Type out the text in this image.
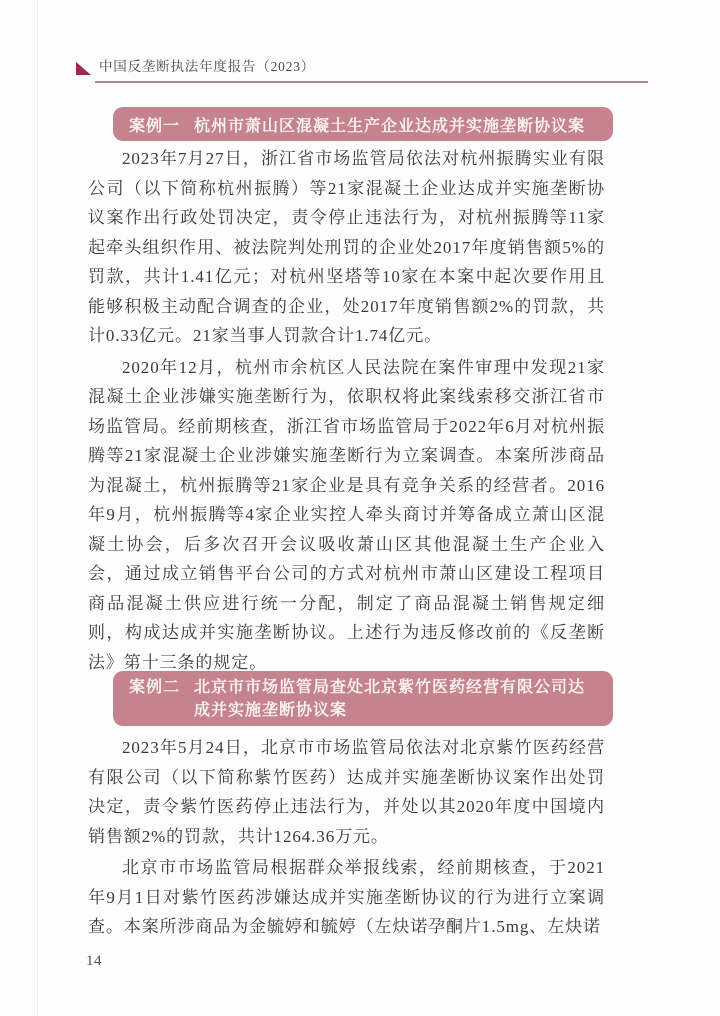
中国反垄断执法年度报告（2023）
案例一 杭州市萧山区混凝土生产企业达成并实施垄断协议案

2023年7月27日，浙江省市场监管局依法对杭州振腾实业有限公司（以下简称杭州振腾）等21家混凝土企业达成并实施垄断协议案作出行政处罚决定，责令停止违法行为，对杭州振腾等11家起牵头组织作用、被法院判处刑罚的企业处2017年度销售额5%的罚款，共计1.41亿元；对杭州坚塔等10家在本案中起次要作用且能够积极主动配合调查的企业，处2017年度销售额2%的罚款，共计0.33亿元。21家当事人罚款合计1.74亿元。

2020年12月，杭州市余杭区人民法院在案件审理中发现21家混凝土企业涉嫌实施垄断行为，依职权将此案线索移交浙江省市场监管局。经前期核查，浙江省市场监管局于2022年6月对杭州振腾等21家混凝土企业涉嫌实施垄断行为立案调查。本案所涉商品为混凝土，杭州振腾等21家企业是具有竞争关系的经营者。2016年9月，杭州振腾等4家企业实控人牵头商讨并筹备成立萧山区混凝土协会，后多次召开会议吸收萧山区其他混凝土生产企业入会，通过成立销售平台公司的方式对杭州市萧山区建设工程项目商品混凝土供应进行统一分配，制定了商品混凝土销售规定细则，构成达成并实施垄断协议。上述行为违反修改前的《反垄断法》第十三条的规定。

案例二 北京市市场监管局查处北京紫竹医药经营有限公司达成并实施垄断协议案

2023年5月24日，北京市市场监管局依法对北京紫竹医药经营有限公司（以下简称紫竹医药）达成并实施垄断协议案作出处罚决定，责令紫竹医药停止违法行为，并处以其2020年度中国境内销售额2%的罚款，共计1264.36万元。

北京市市场监管局根据群众举报线索，经前期核查，于2021年9月1日对紫竹医药涉嫌达成并实施垄断协议的行为进行立案调查。本案所涉商品为金毓婷和毓婷（左炔诺孕酮片1.5mg、左炔诺

14
